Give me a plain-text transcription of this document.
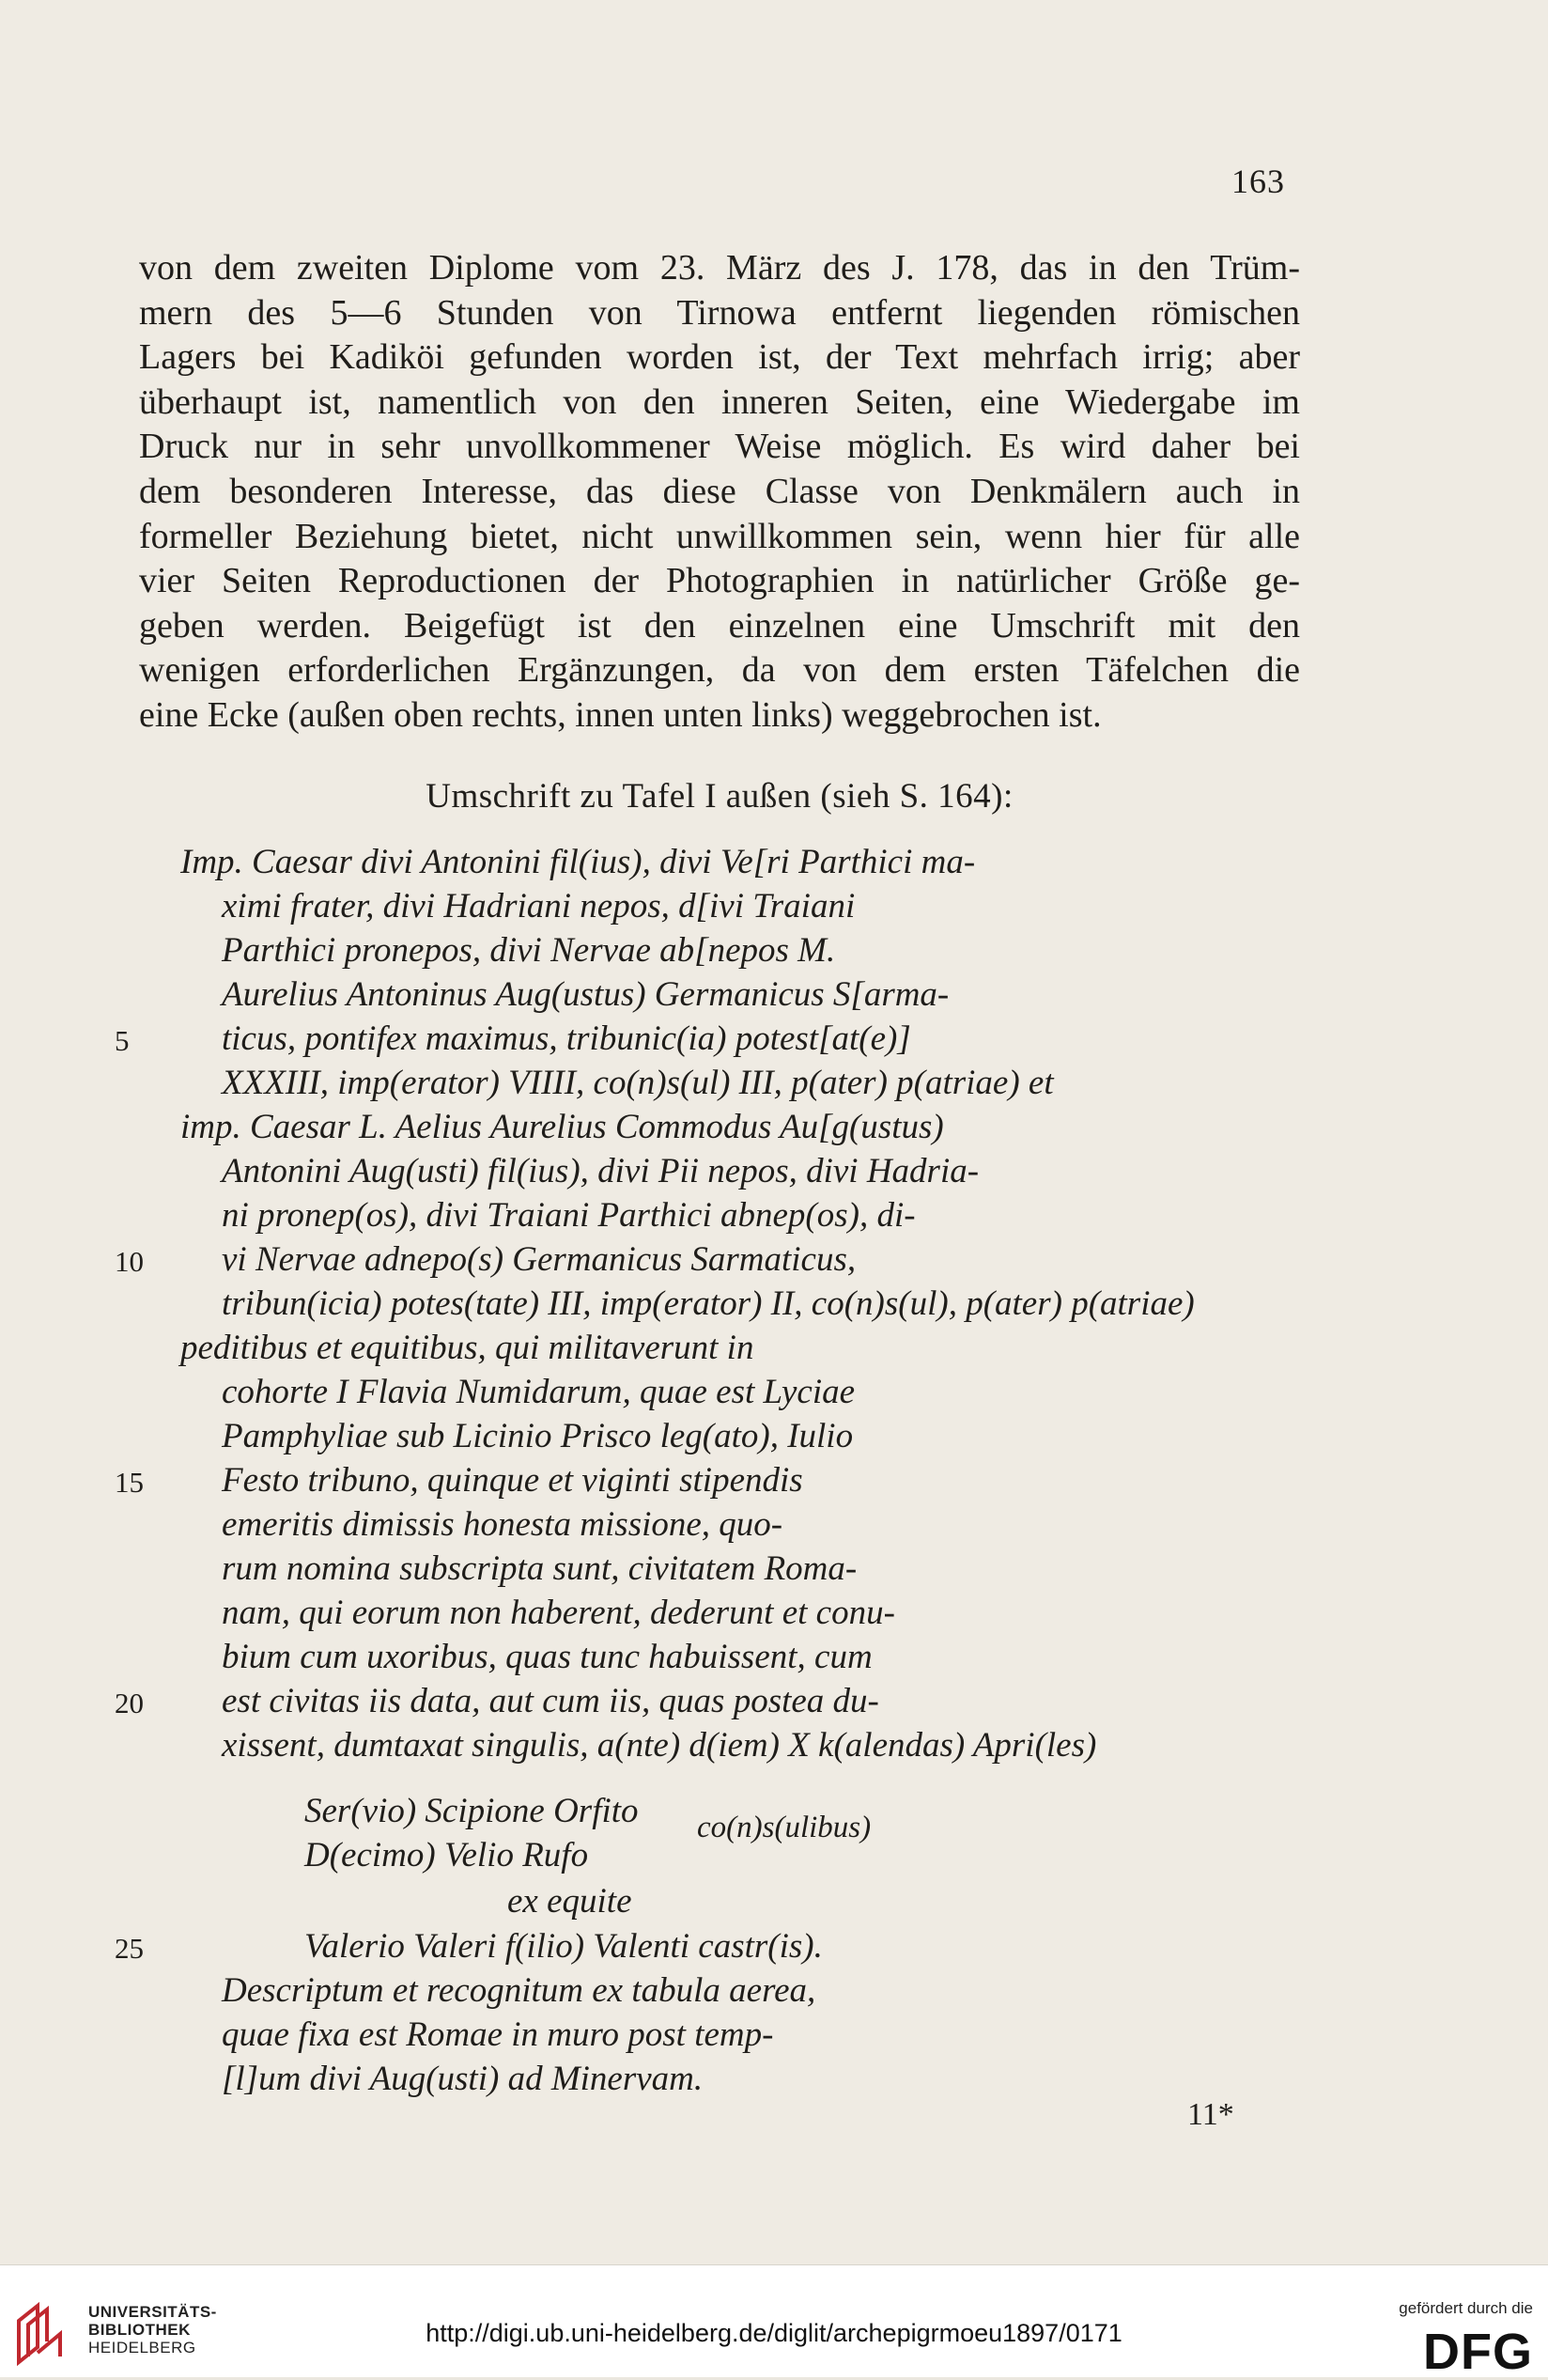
163
von dem zweiten Diplome vom 23. März des J. 178, das in den Trüm-
mern des 5—6 Stunden von Tirnowa entfernt liegenden römischen
Lagers bei Kadiköi gefunden worden ist, der Text mehrfach irrig; aber
überhaupt ist, namentlich von den inneren Seiten, eine Wiedergabe im
Druck nur in sehr unvollkommener Weise möglich. Es wird daher bei
dem besonderen Interesse, das diese Classe von Denkmälern auch in
formeller Beziehung bietet, nicht unwillkommen sein, wenn hier für alle
vier Seiten Reproductionen der Photographien in natürlicher Größe ge-
geben werden. Beigefügt ist den einzelnen eine Umschrift mit den
wenigen erforderlichen Ergänzungen, da von dem ersten Täfelchen die
eine Ecke (außen oben rechts, innen unten links) weggebrochen ist.
Umschrift zu Tafel I außen (sieh S. 164):
Imp. Caesar divi Antonini fil(ius), divi Ve[ri Parthici ma-
ximi frater, divi Hadriani nepos, d[ivi Traiani
Parthici pronepos, divi Nervae ab[nepos M.
Aurelius Antoninus Aug(ustus) Germanicus S[arma-
ticus, pontifex maximus, tribunic(ia) potest[at(e)]
XXXIII, imp(erator) VIIII, co(n)s(ul) III, p(ater) p(atriae) et
imp. Caesar L. Aelius Aurelius Commodus Au[g(ustus)
Antonini Aug(usti) fil(ius), divi Pii nepos, divi Hadria-
ni pronep(os), divi Traiani Parthici abnep(os), di-
vi Nervae adnepo(s) Germanicus Sarmaticus,
tribun(icia) potes(tate) III, imp(erator) II, co(n)s(ul), p(ater) p(atriae)
peditibus et equitibus, qui militaverunt in
cohorte I Flavia Numidarum, quae est Lyciae
Pamphyliae sub Licinio Prisco leg(ato), Iulio
Festo tribuno, quinque et viginti stipendis
emeritis dimissis honesta missione, quo-
rum nomina subscripta sunt, civitatem Roma-
nam, qui eorum non haberent, dederunt et conu-
bium cum uxoribus, quas tunc habuissent, cum
est civitas iis data, aut cum iis, quas postea du-
xissent, dumtaxat singulis, a(nte) d(iem) X k(alendas) Apri(les)
Ser(vio) Scipione Orfito
D(ecimo) Velio Rufo
co(n)s(ulibus)
ex equite
Valerio Valeri f(ilio) Valenti castr(is).
Descriptum et recognitum ex tabula aerea,
quae fixa est Romae in muro post temp-
[l]um divi Aug(usti) ad Minervam.
5
10
15
20
25
11*
UNIVERSITÄTS-
BIBLIOTHEK
HEIDELBERG
http://digi.ub.uni-heidelberg.de/diglit/archepigrmoeu1897/0171
gefördert durch die
DFG
